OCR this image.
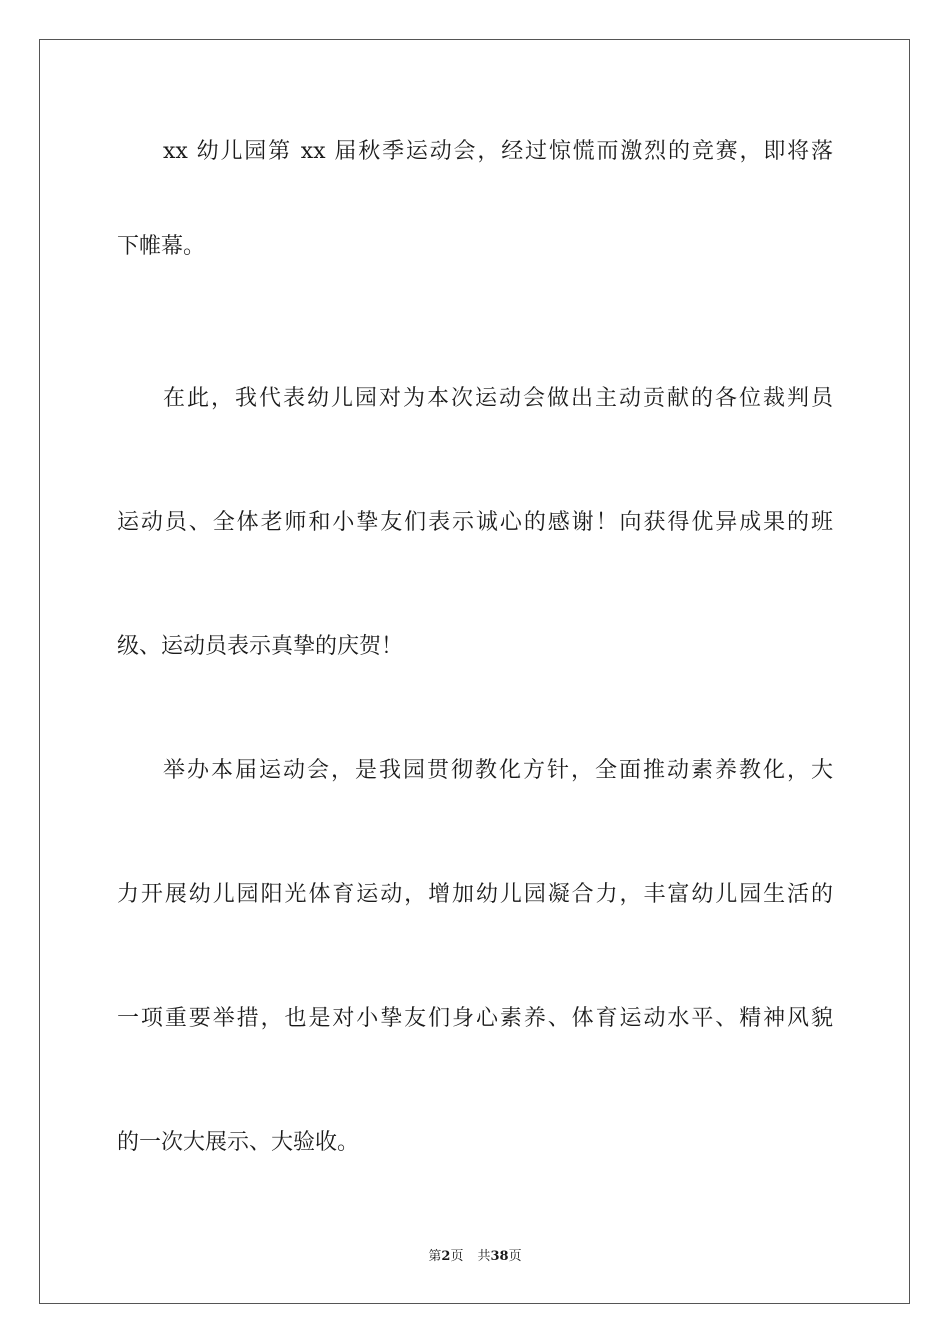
xx 幼儿园第 xx 届秋季运动会，经过惊慌而激烈的竞赛，即将落
下帷幕。
在此，我代表幼儿园对为本次运动会做出主动贡献的各位裁判员
运动员、全体老师和小挚友们表示诚心的感谢！向获得优异成果的班
级、运动员表示真挚的庆贺！
举办本届运动会，是我园贯彻教化方针，全面推动素养教化，大
力开展幼儿园阳光体育运动，增加幼儿园凝合力，丰富幼儿园生活的
一项重要举措，也是对小挚友们身心素养、体育运动水平、精神风貌
的一次大展示、大验收。
第2页 共38页
